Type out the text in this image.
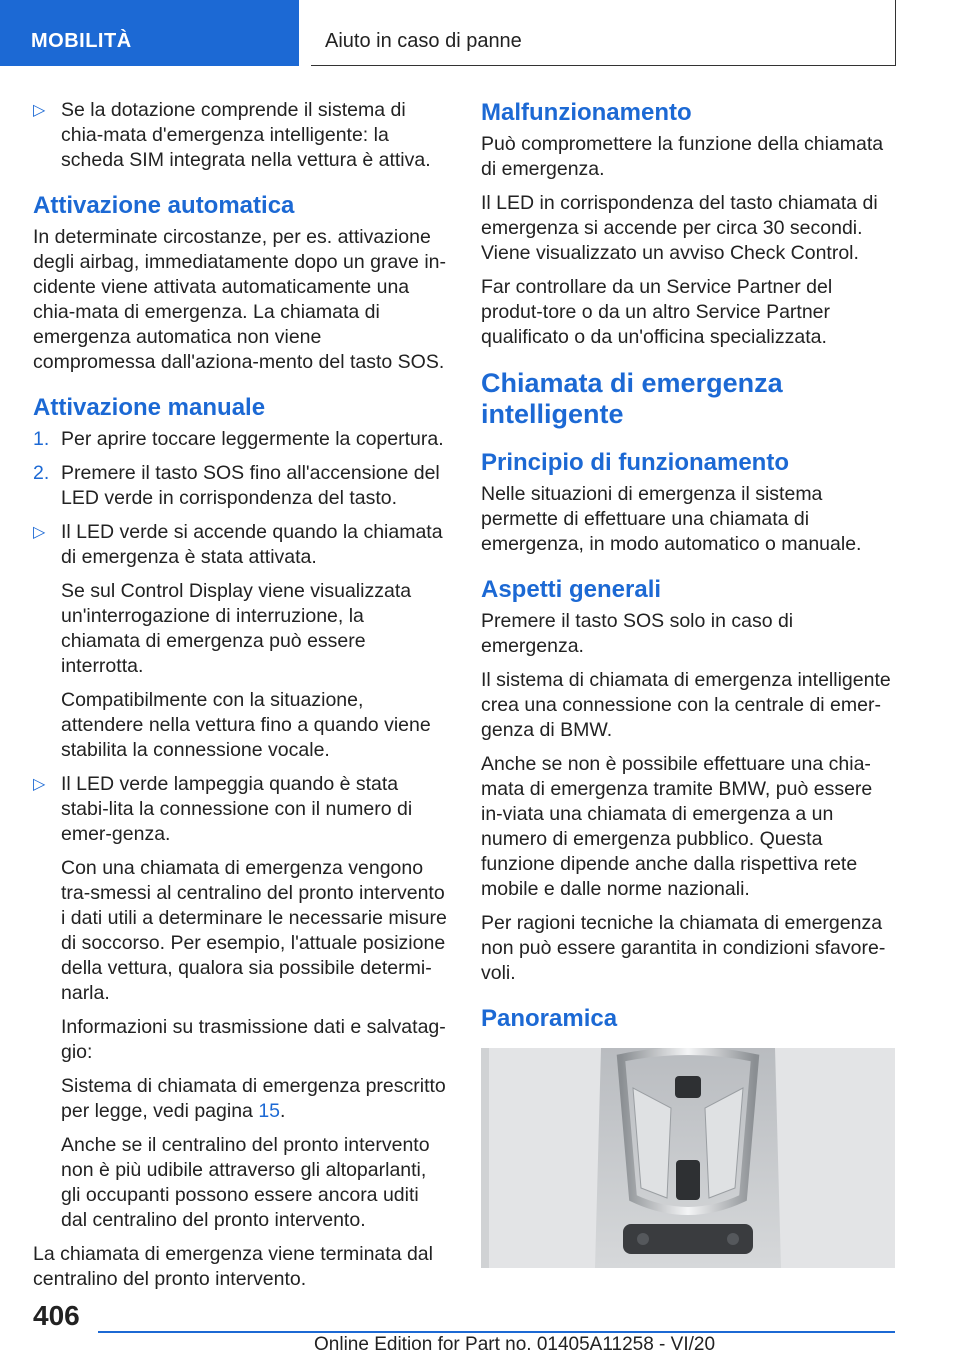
MOBILITÀ	Aiuto in caso di panne
▷ Se la dotazione comprende il sistema di chia-mata d'emergenza intelligente: la scheda SIM integrata nella vettura è attiva.
Attivazione automatica

In determinate circostanze, per es. attivazione degli airbag, immediatamente dopo un grave in-cidente viene attivata automaticamente una chia-mata di emergenza. La chiamata di emergenza automatica non viene compromessa dall'aziona-mento del tasto SOS.

Attivazione manuale
1. Per aprire toccare leggermente la copertura.
2. Premere il tasto SOS fino all'accensione del LED verde in corrispondenza del tasto.
▷ Il LED verde si accende quando la chiamata di emergenza è stata attivata.
Se sul Control Display viene visualizzata un'interrogazione di interruzione, la chiamata di emergenza può essere interrotta.
Compatibilmente con la situazione, attendere nella vettura fino a quando viene stabilita la connessione vocale.
▷ Il LED verde lampeggia quando è stata stabi-lita la connessione con il numero di emer-genza.
Con una chiamata di emergenza vengono tra-smessi al centralino del pronto intervento i dati utili a determinare le necessarie misure di soccorso. Per esempio, l'attuale posizione della vettura, qualora sia possibile determi-narla.
Informazioni su trasmissione dati e salvatag-gio:
Sistema di chiamata di emergenza prescritto per legge, vedi pagina 15.
Anche se il centralino del pronto intervento non è più udibile attraverso gli altoparlanti, gli occupanti possono essere ancora uditi dal centralino del pronto intervento.

La chiamata di emergenza viene terminata dal centralino del pronto intervento.

Malfunzionamento

Può compromettere la funzione della chiamata di emergenza.

Il LED in corrispondenza del tasto chiamata di emergenza si accende per circa 30 secondi. Viene visualizzato un avviso Check Control.

Far controllare da un Service Partner del produt-tore o da un altro Service Partner qualificato o da un'officina specializzata.

Chiamata di emergenza intelligente
Principio di funzionamento

Nelle situazioni di emergenza il sistema permette di effettuare una chiamata di emergenza, in modo automatico o manuale.

Aspetti generali

Premere il tasto SOS solo in caso di emergenza.

Il sistema di chiamata di emergenza intelligente crea una connessione con la centrale di emer-genza di BMW.

Anche se non è possibile effettuare una chia-mata di emergenza tramite BMW, può essere in-viata una chiamata di emergenza a un numero di emergenza pubblico. Questa funzione dipende anche dalla rispettiva rete mobile e dalle norme nazionali.

Per ragioni tecniche la chiamata di emergenza non può essere garantita in condizioni sfavore-voli.

Panoramica
406
Online Edition for Part no. 01405A11258 - VI/20
